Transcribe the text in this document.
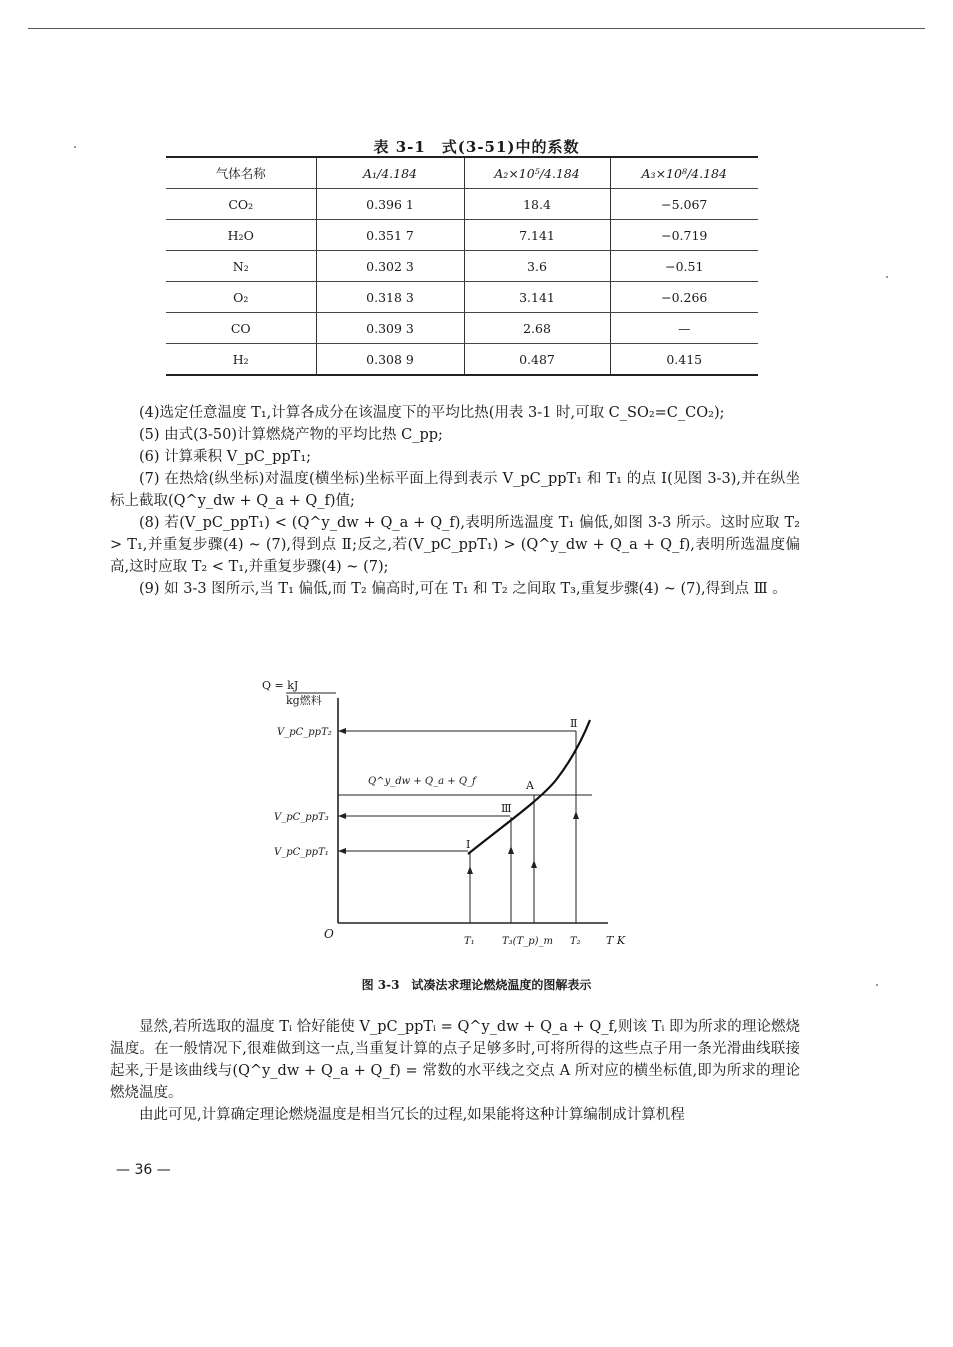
表 3-1　式(3-51)中的系数
气体名称	A₁/4.184	A₂×10⁵/4.184	A₃×10⁸/4.184
CO₂	0.396 1	18.4	−5.067
H₂O	0.351 7	7.141	−0.719
N₂	0.302 3	3.6	−0.51
O₂	0.318 3	3.141	−0.266
CO	0.309 3	2.68	—
H₂	0.308 9	0.487	0.415

(4)选定任意温度 T₁,计算各成分在该温度下的平均比热(用表 3-1 时,可取 C_SO₂=C_CO₂);

(5) 由式(3-50)计算燃烧产物的平均比热 C_pp;

(6) 计算乘积 V_pC_ppT₁;

(7) 在热焓(纵坐标)对温度(横坐标)坐标平面上得到表示 V_pC_ppT₁ 和 T₁ 的点 Ⅰ(见图 3-3),并在纵坐标上截取(Q^y_dw + Q_a + Q_f)值;

(8) 若(V_pC_ppT₁) < (Q^y_dw + Q_a + Q_f),表明所选温度 T₁ 偏低,如图 3-3 所示。这时应取 T₂ > T₁,并重复步骤(4) ~ (7),得到点 Ⅱ;反之,若(V_pC_ppT₁) > (Q^y_dw + Q_a + Q_f),表明所选温度偏高,这时应取 T₂ < T₁,并重复步骤(4) ~ (7);

(9) 如 3-3 图所示,当 T₁ 偏低,而 T₂ 偏高时,可在 T₁ 和 T₂ 之间取 T₃,重复步骤(4) ~ (7),得到点 Ⅲ 。

Q = kJ
kg燃料
O
V_pC_ppT₂
Q^y_dw + Q_a + Q_f
V_pC_ppT₃
V_pC_ppT₁
T₁	T₃(T_p)_m T₂ T K
Ⅱ
A
Ⅲ
Ⅰ
图 3-3　试凑法求理论燃烧温度的图解表示

显然,若所选取的温度 Tᵢ 恰好能使 V_pC_ppTᵢ = Q^y_dw + Q_a + Q_f,则该 Tᵢ 即为所求的理论燃烧温度。在一般情况下,很难做到这一点,当重复计算的点子足够多时,可将所得的这些点子用一条光滑曲线联接起来,于是该曲线与(Q^y_dw + Q_a + Q_f) = 常数的水平线之交点 A 所对应的横坐标值,即为所求的理论燃烧温度。

由此可见,计算确定理论燃烧温度是相当冗长的过程,如果能将这种计算编制成计算机程

— 36 —
